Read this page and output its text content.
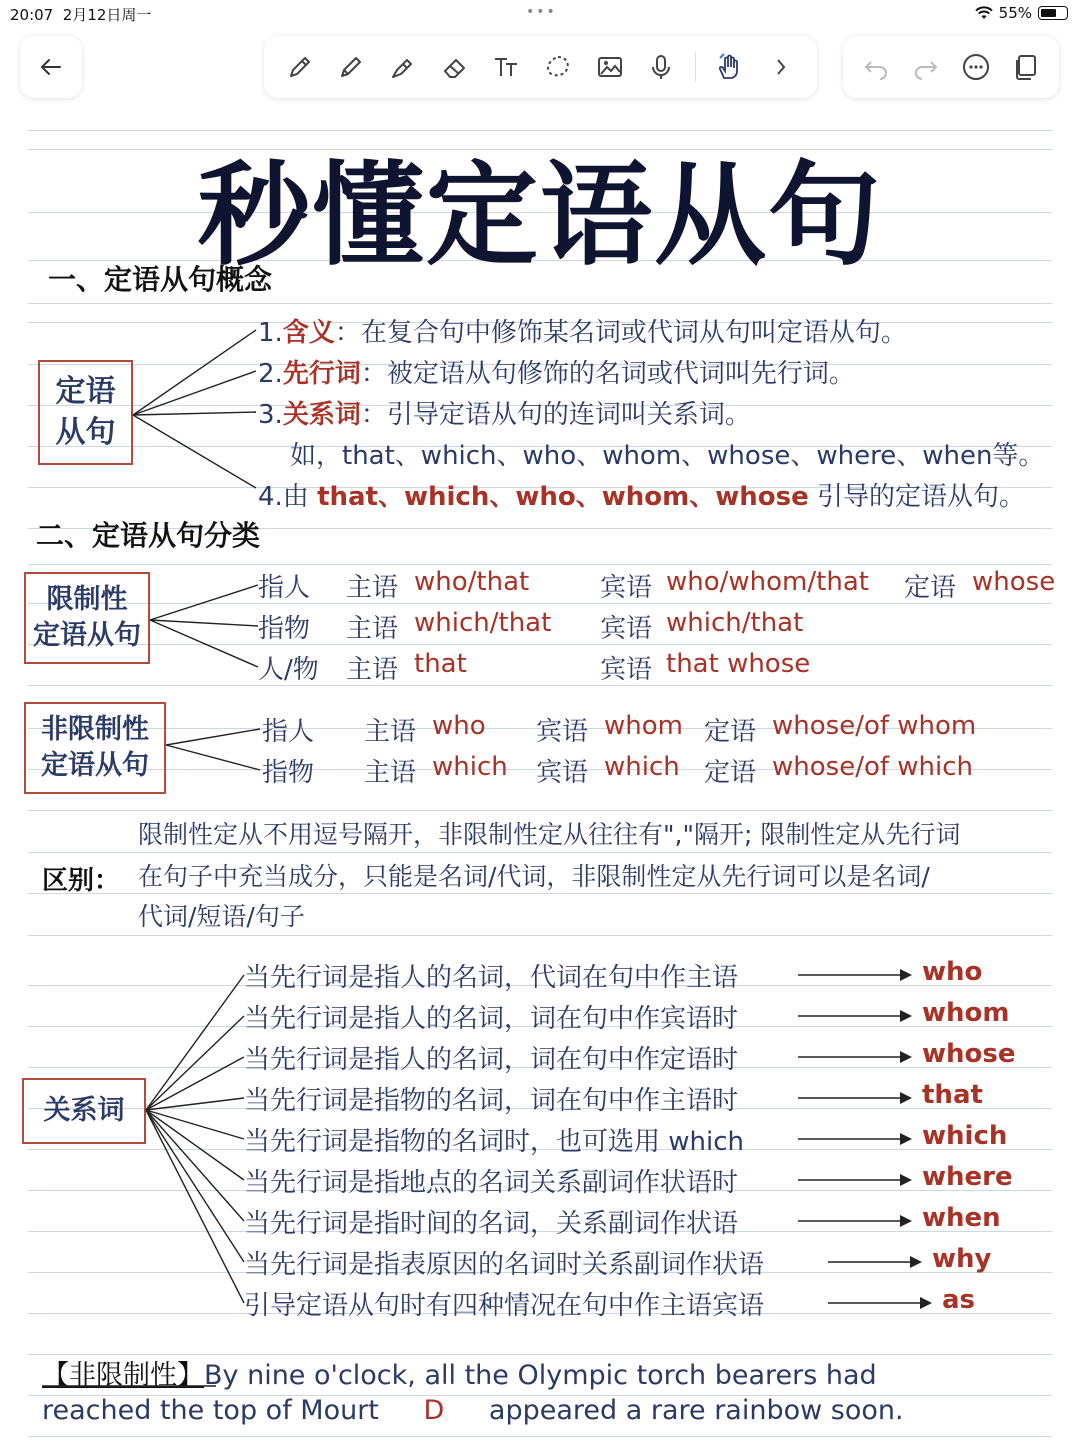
20:07 2月12日周一	•••	55%
秒懂定语从句
一、定语从句概念
定语
从句
1.含义：在复合句中修饰某名词或代词从句叫定语从句。
2.先行词：被定语从句修饰的名词或代词叫先行词。
3.关系词：引导定语从句的连词叫关系词。
如，that、which、who、whom、whose、where、when等。
4.由 that、which、who、whom、whose 引导的定语从句。
二、定语从句分类
限制性
定语从句
指人 主语 who/that	宾语 who/whom/that 定语 whose
指物 主语 which/that 宾语 which/that
人/物 主语 that	宾语 that whose
非限制性
定语从句
指人 主语 who 宾语 whom 定语 whose/of whom
指物 主语 which 宾语 which 定语 whose/of which
区别：
限制性定从不用逗号隔开，非限制性定从往往有","隔开; 限制性定从先行词
在句子中充当成分，只能是名词/代词，非限制性定从先行词可以是名词/
代词/短语/句子
关系词
当先行词是指人的名词，代词在句中作主语	who
当先行词是指人的名词，词在句中作宾语时	whom
当先行词是指人的名词，词在句中作定语时	whose
当先行词是指物的名词，词在句中作主语时	that
当先行词是指物的名词时，也可选用 which	which
当先行词是指地点的名词关系副词作状语时	where
当先行词是指时间的名词，关系副词作状语	when
当先行词是指表原因的名词时关系副词作状语	why
引导定语从句时有四种情况在句中作主语宾语	as
【非限制性】By nine o'clock, all the Olympic torch bearers had
reached the top of Mourt D appeared a rare rainbow soon.
